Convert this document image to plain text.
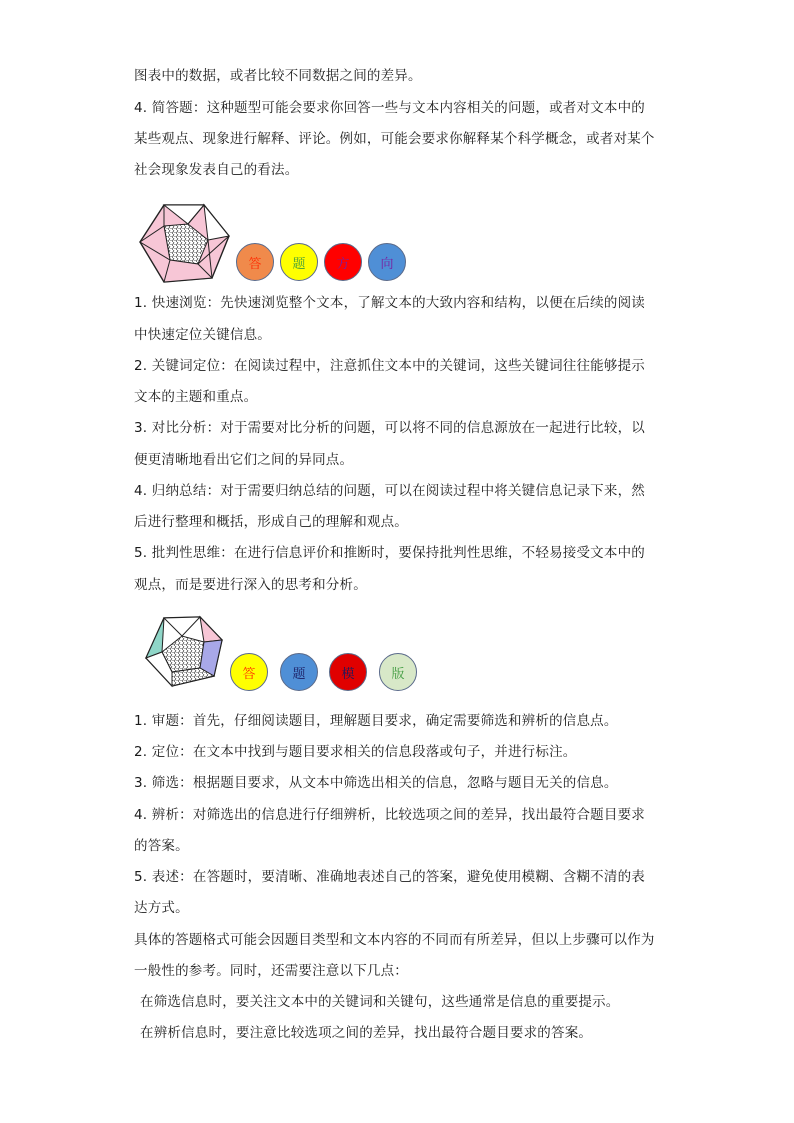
图表中的数据，或者比较不同数据之间的差异。
4. 简答题：这种题型可能会要求你回答一些与文本内容相关的问题，或者对文本中的
某些观点、现象进行解释、评论。例如，可能会要求你解释某个科学概念，或者对某个
社会现象发表自己的看法。
答 题 方 向
1. 快速浏览：先快速浏览整个文本，了解文本的大致内容和结构，以便在后续的阅读
中快速定位关键信息。
2. 关键词定位：在阅读过程中，注意抓住文本中的关键词，这些关键词往往能够提示
文本的主题和重点。
3. 对比分析：对于需要对比分析的问题，可以将不同的信息源放在一起进行比较，以
便更清晰地看出它们之间的异同点。
4. 归纳总结：对于需要归纳总结的问题，可以在阅读过程中将关键信息记录下来，然
后进行整理和概括，形成自己的理解和观点。
5. 批判性思维：在进行信息评价和推断时，要保持批判性思维，不轻易接受文本中的
观点，而是要进行深入的思考和分析。
答	题	模	版
1. 审题：首先，仔细阅读题目，理解题目要求，确定需要筛选和辨析的信息点。
2. 定位：在文本中找到与题目要求相关的信息段落或句子，并进行标注。
3. 筛选：根据题目要求，从文本中筛选出相关的信息，忽略与题目无关的信息。
4. 辨析：对筛选出的信息进行仔细辨析，比较选项之间的差异，找出最符合题目要求
的答案。
5. 表述：在答题时，要清晰、准确地表述自己的答案，避免使用模糊、含糊不清的表
达方式。
具体的答题格式可能会因题目类型和文本内容的不同而有所差异，但以上步骤可以作为
一般性的参考。同时，还需要注意以下几点：
在筛选信息时，要关注文本中的关键词和关键句，这些通常是信息的重要提示。
在辨析信息时，要注意比较选项之间的差异，找出最符合题目要求的答案。
